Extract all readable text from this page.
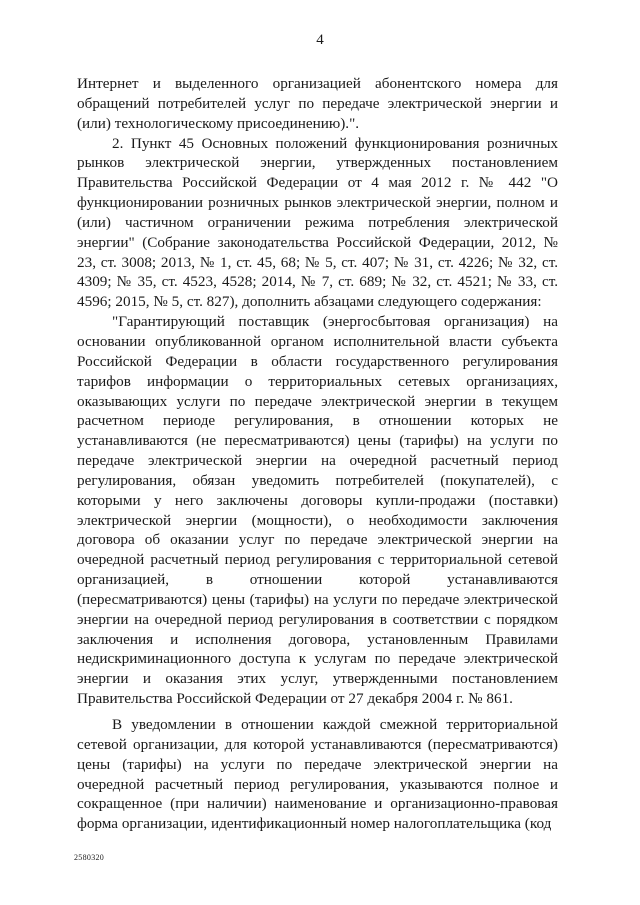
4

Интернет и выделенного организацией абонентского номера для обращений потребителей услуг по передаче электрической энергии и (или) технологическому присоединению).".

2. Пункт 45 Основных положений функционирования розничных рынков электрической энергии, утвержденных постановлением Правительства Российской Федерации от 4 мая 2012 г. № 442 "О функционировании розничных рынков электрической энергии, полном и (или) частичном ограничении режима потребления электрической энергии" (Собрание законодательства Российской Федерации, 2012, № 23, ст. 3008; 2013, № 1, ст. 45, 68; № 5, ст. 407; № 31, ст. 4226; № 32, ст. 4309; № 35, ст. 4523, 4528; 2014, № 7, ст. 689; № 32, ст. 4521; № 33, ст. 4596; 2015, № 5, ст. 827), дополнить абзацами следующего содержания:

"Гарантирующий поставщик (энергосбытовая организация) на основании опубликованной органом исполнительной власти субъекта Российской Федерации в области государственного регулирования тарифов информации о территориальных сетевых организациях, оказывающих услуги по передаче электрической энергии в текущем расчетном периоде регулирования, в отношении которых не устанавливаются (не пересматриваются) цены (тарифы) на услуги по передаче электрической энергии на очередной расчетный период регулирования, обязан уведомить потребителей (покупателей), с которыми у него заключены договоры купли-продажи (поставки) электрической энергии (мощности), о необходимости заключения договора об оказании услуг по передаче электрической энергии на очередной расчетный период регулирования с территориальной сетевой организацией, в отношении которой устанавливаются (пересматриваются) цены (тарифы) на услуги по передаче электрической энергии на очередной период регулирования в соответствии с порядком заключения и исполнения договора, установленным Правилами недискриминационного доступа к услугам по передаче электрической энергии и оказания этих услуг, утвержденными постановлением Правительства Российской Федерации от 27 декабря 2004 г. № 861.

В уведомлении в отношении каждой смежной территориальной сетевой организации, для которой устанавливаются (пересматриваются) цены (тарифы) на услуги по передаче электрической энергии на очередной расчетный период регулирования, указываются полное и сокращенное (при наличии) наименование и организационно-правовая форма организации, идентификационный номер налогоплательщика (код

2580320
